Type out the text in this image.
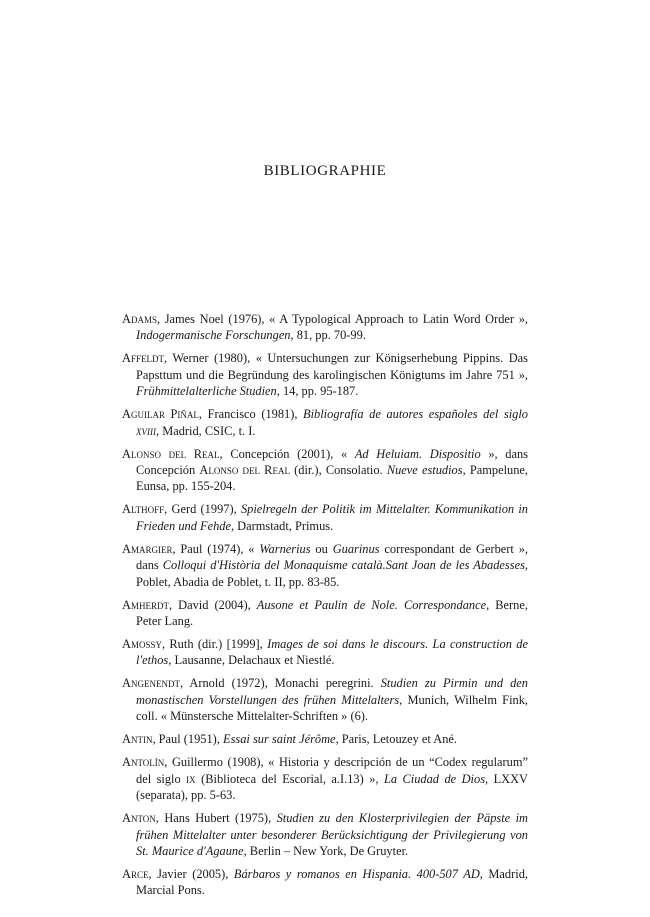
BIBLIOGRAPHIE

Adams, James Noel (1976), « A Typological Approach to Latin Word Order », Indogermanische Forschungen, 81, pp. 70-99.

Affeldt, Werner (1980), « Untersuchungen zur Königserhebung Pippins. Das Papsttum und die Begründung des karolingischen Königtums im Jahre 751 », Frühmittelalterliche Studien, 14, pp. 95-187.

Aguilar Piñal, Francisco (1981), Bibliografía de autores españoles del siglo xviii, Madrid, CSIC, t. I.

Alonso del Real, Concepción (2001), « Ad Heluiam. Dispositio », dans Concepción Alonso del Real (dir.), Consolatio. Nueve estudios, Pampelune, Eunsa, pp. 155-204.

Althoff, Gerd (1997), Spielregeln der Politik im Mittelalter. Kommunikation in Frieden und Fehde, Darmstadt, Primus.

Amargier, Paul (1974), « Warnerius ou Guarinus correspondant de Gerbert », dans Colloqui d'Història del Monaquisme català.Sant Joan de les Abadesses, Poblet, Abadia de Poblet, t. II, pp. 83-85.

Amherdt, David (2004), Ausone et Paulin de Nole. Correspondance, Berne, Peter Lang.

Amossy, Ruth (dir.) [1999], Images de soi dans le discours. La construction de l'ethos, Lausanne, Delachaux et Niestlé.

Angenendt, Arnold (1972), Monachi peregrini. Studien zu Pirmin und den monastischen Vorstellungen des frühen Mittelalters, Munich, Wilhelm Fink, coll. « Münstersche Mittelalter-Schriften » (6).

Antin, Paul (1951), Essai sur saint Jérôme, Paris, Letouzey et Ané.

Antolín, Guillermo (1908), « Historia y descripción de un “Codex regularum” del siglo ix (Biblioteca del Escorial, a.I.13) », La Ciudad de Dios, LXXV (separata), pp. 5-63.

Anton, Hans Hubert (1975), Studien zu den Klosterprivilegien der Päpste im frühen Mittelalter unter besonderer Berücksichtigung der Privilegierung von St. Maurice d'Agaune, Berlin – New York, De Gruyter.

Arce, Javier (2005), Bárbaros y romanos en Hispania. 400-507 AD, Madrid, Marcial Pons.
